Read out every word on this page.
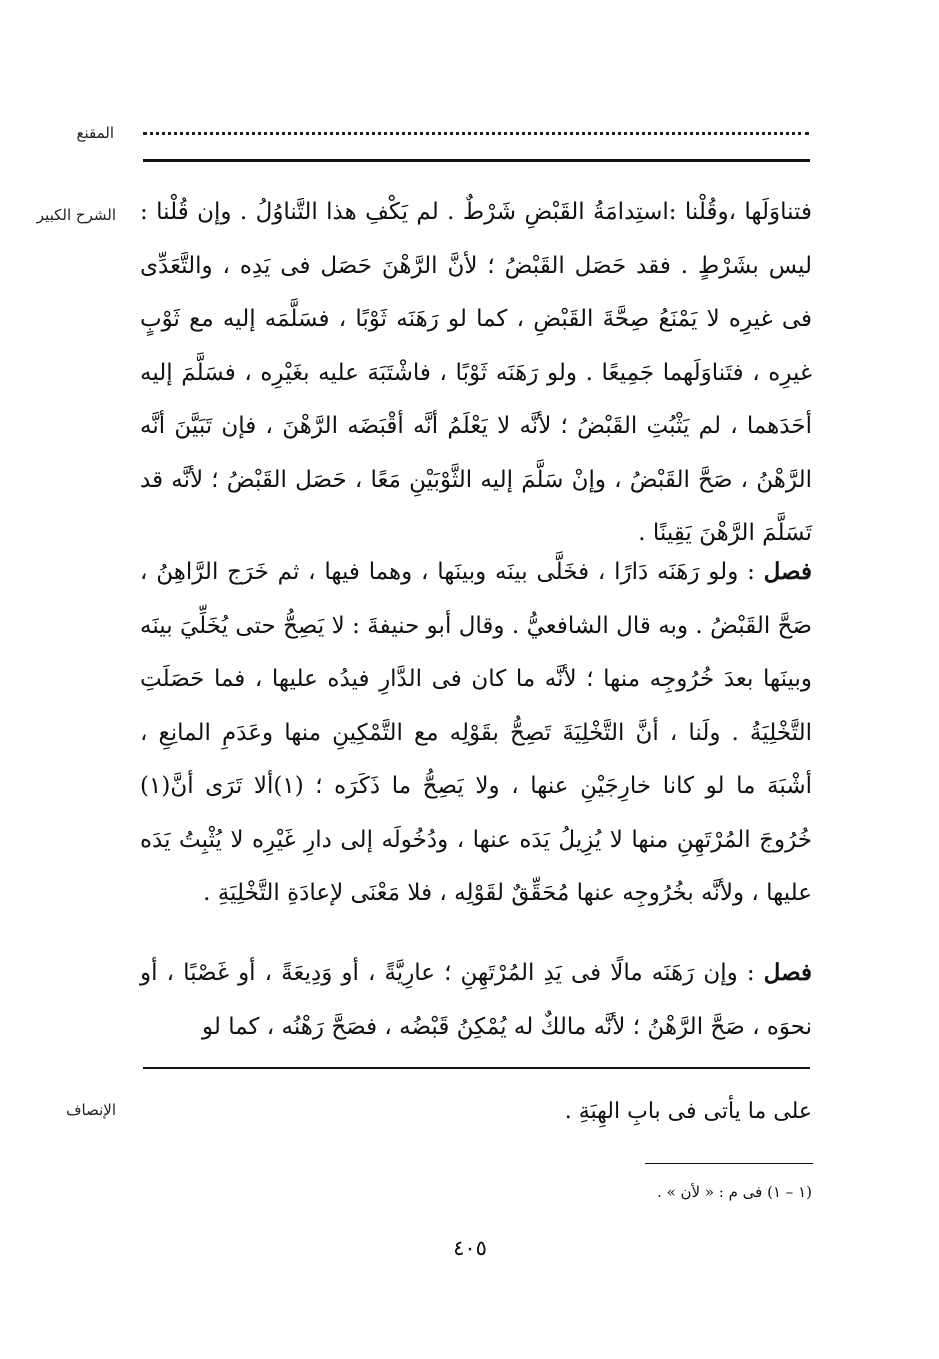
المقنع
الشرح الكبير فتناوَلَها ،وقُلْنا :استِدامَةُ القَبْضِ شَرْطٌ . لم يَكْفِ هذا التَّناوُلُ . وإن قُلْنا : ليس بشَرْطٍ . فقد حَصَل القَبْضُ ؛ لأنَّ الرَّهْنَ حَصَل فى يَدِه ، والتَّعَدِّى فى غيرِه لا يَمْنَعُ صِحَّةَ القَبْضِ ، كما لو رَهَنَه ثَوْبًا ، فسَلَّمَه إليه مع ثَوْبٍ غيرِه ، فتَناوَلَهما جَمِيعًا . ولو رَهَنَه ثَوْبًا ، فاشْتَبَهَ عليه بغَيْرِه ، فسَلَّمَ إليه أحَدَهما ، لم يَثْبُتِ القَبْضُ ؛ لأنَّه لا يَعْلَمُ أنَّه أقْبَضَه الرَّهْنَ ، فإن تَبَيَّنَ أنَّه الرَّهْنُ ، صَحَّ القَبْضُ ، وإنْ سَلَّمَ إليه الثَّوْبَيْنِ مَعًا ، حَصَل القَبْضُ ؛ لأنَّه قد تَسَلَّمَ الرَّهْنَ يَقِينًا .

فصل : ولو رَهَنَه دَارًا ، فخَلَّى بينَه وبينَها ، وهما فيها ، ثم خَرَج الرَّاهِنُ ، صَحَّ القَبْضُ . وبه قال الشافعيُّ . وقال أبو حنيفةَ : لا يَصِحُّ حتى يُخَلِّيَ بينَه وبينَها بعدَ خُرُوجِه منها ؛ لأنَّه ما كان فى الدَّارِ فيدُه عليها ، فما حَصَلَتِ التَّخْلِيَةُ . ولَنا ، أنَّ التَّخْلِيَةَ تَصِحُّ بقَوْلِه مع التَّمْكِينِ منها وعَدَمِ المانِعِ ، أشْبَهَ ما لو كانا خارِجَيْنِ عنها ، ولا يَصِحُّ ما ذَكَرَه ؛ (١)ألا تَرَى أنَّ(١) خُرُوجَ المُرْتَهِنِ منها لا يُزِيلُ يَدَه عنها ، ودُخُولَه إلى دارِ غَيْرِه لا يُثْبِتُ يَدَه عليها ، ولأنَّه بخُرُوجِه عنها مُحَقِّقٌ لقَوْلِه ، فلا مَعْنَى لإعادَةِ التَّخْلِيَةِ .

فصل : وإن رَهَنَه مالًا فى يَدِ المُرْتَهِنِ ؛ عارِيَّةً ، أو وَدِيعَةً ، أو غَصْبًا ، أو نحوَه ، صَحَّ الرَّهْنُ ؛ لأنَّه مالكٌ له يُمْكِنُ قَبْضُه ، فصَحَّ رَهْنُه ، كما لو

الإنصاف	على ما يأتى فى بابِ الهِبَةِ .
(١ – ١) فى م : « لأن » .
٤٠٥
